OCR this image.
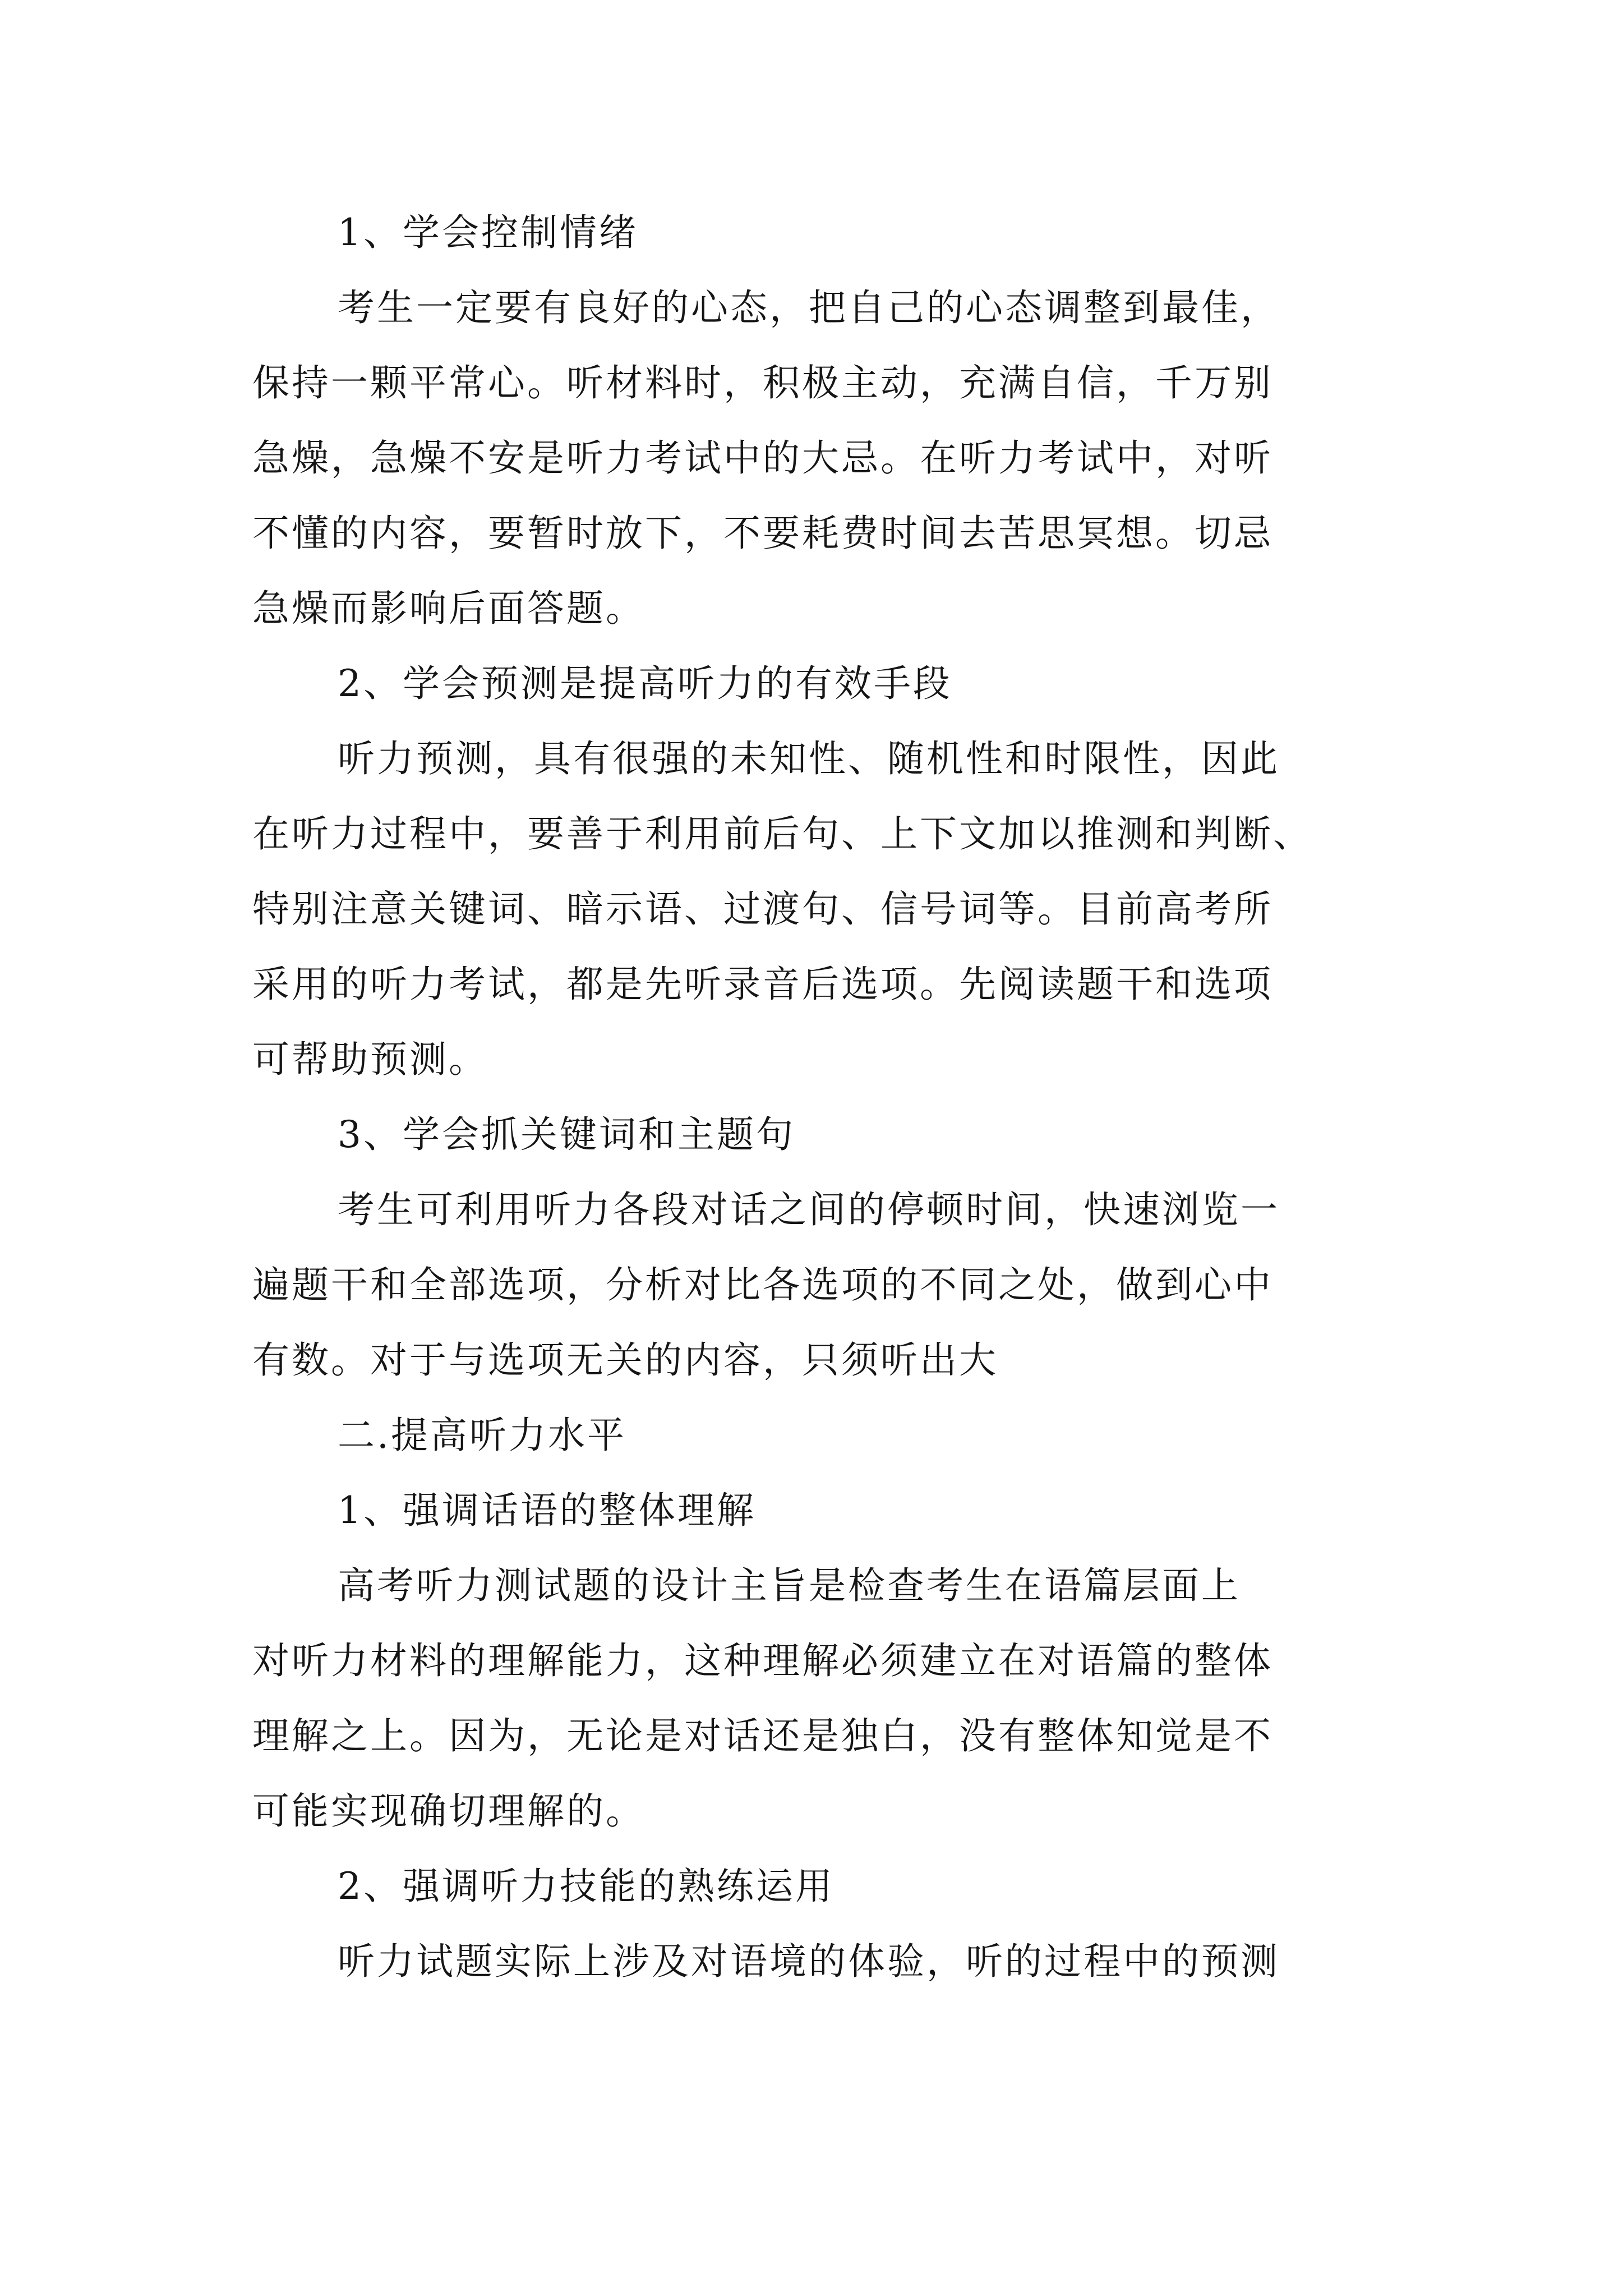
1、学会控制情绪
考生一定要有良好的心态，把自己的心态调整到最佳，
保持一颗平常心。听材料时，积极主动，充满自信，千万别
急燥，急燥不安是听力考试中的大忌。在听力考试中，对听
不懂的内容，要暂时放下，不要耗费时间去苦思冥想。切忌
急燥而影响后面答题。
2、学会预测是提高听力的有效手段
听力预测，具有很强的未知性、随机性和时限性，因此
在听力过程中，要善于利用前后句、上下文加以推测和判断、
特别注意关键词、暗示语、过渡句、信号词等。目前高考所
采用的听力考试，都是先听录音后选项。先阅读题干和选项
可帮助预测。
3、学会抓关键词和主题句
考生可利用听力各段对话之间的停顿时间，快速浏览一
遍题干和全部选项，分析对比各选项的不同之处，做到心中
有数。对于与选项无关的内容，只须听出大
二.提高听力水平
1、强调话语的整体理解
高考听力测试题的设计主旨是检查考生在语篇层面上
对听力材料的理解能力，这种理解必须建立在对语篇的整体
理解之上。因为，无论是对话还是独白，没有整体知觉是不
可能实现确切理解的。
2、强调听力技能的熟练运用
听力试题实际上涉及对语境的体验，听的过程中的预测
